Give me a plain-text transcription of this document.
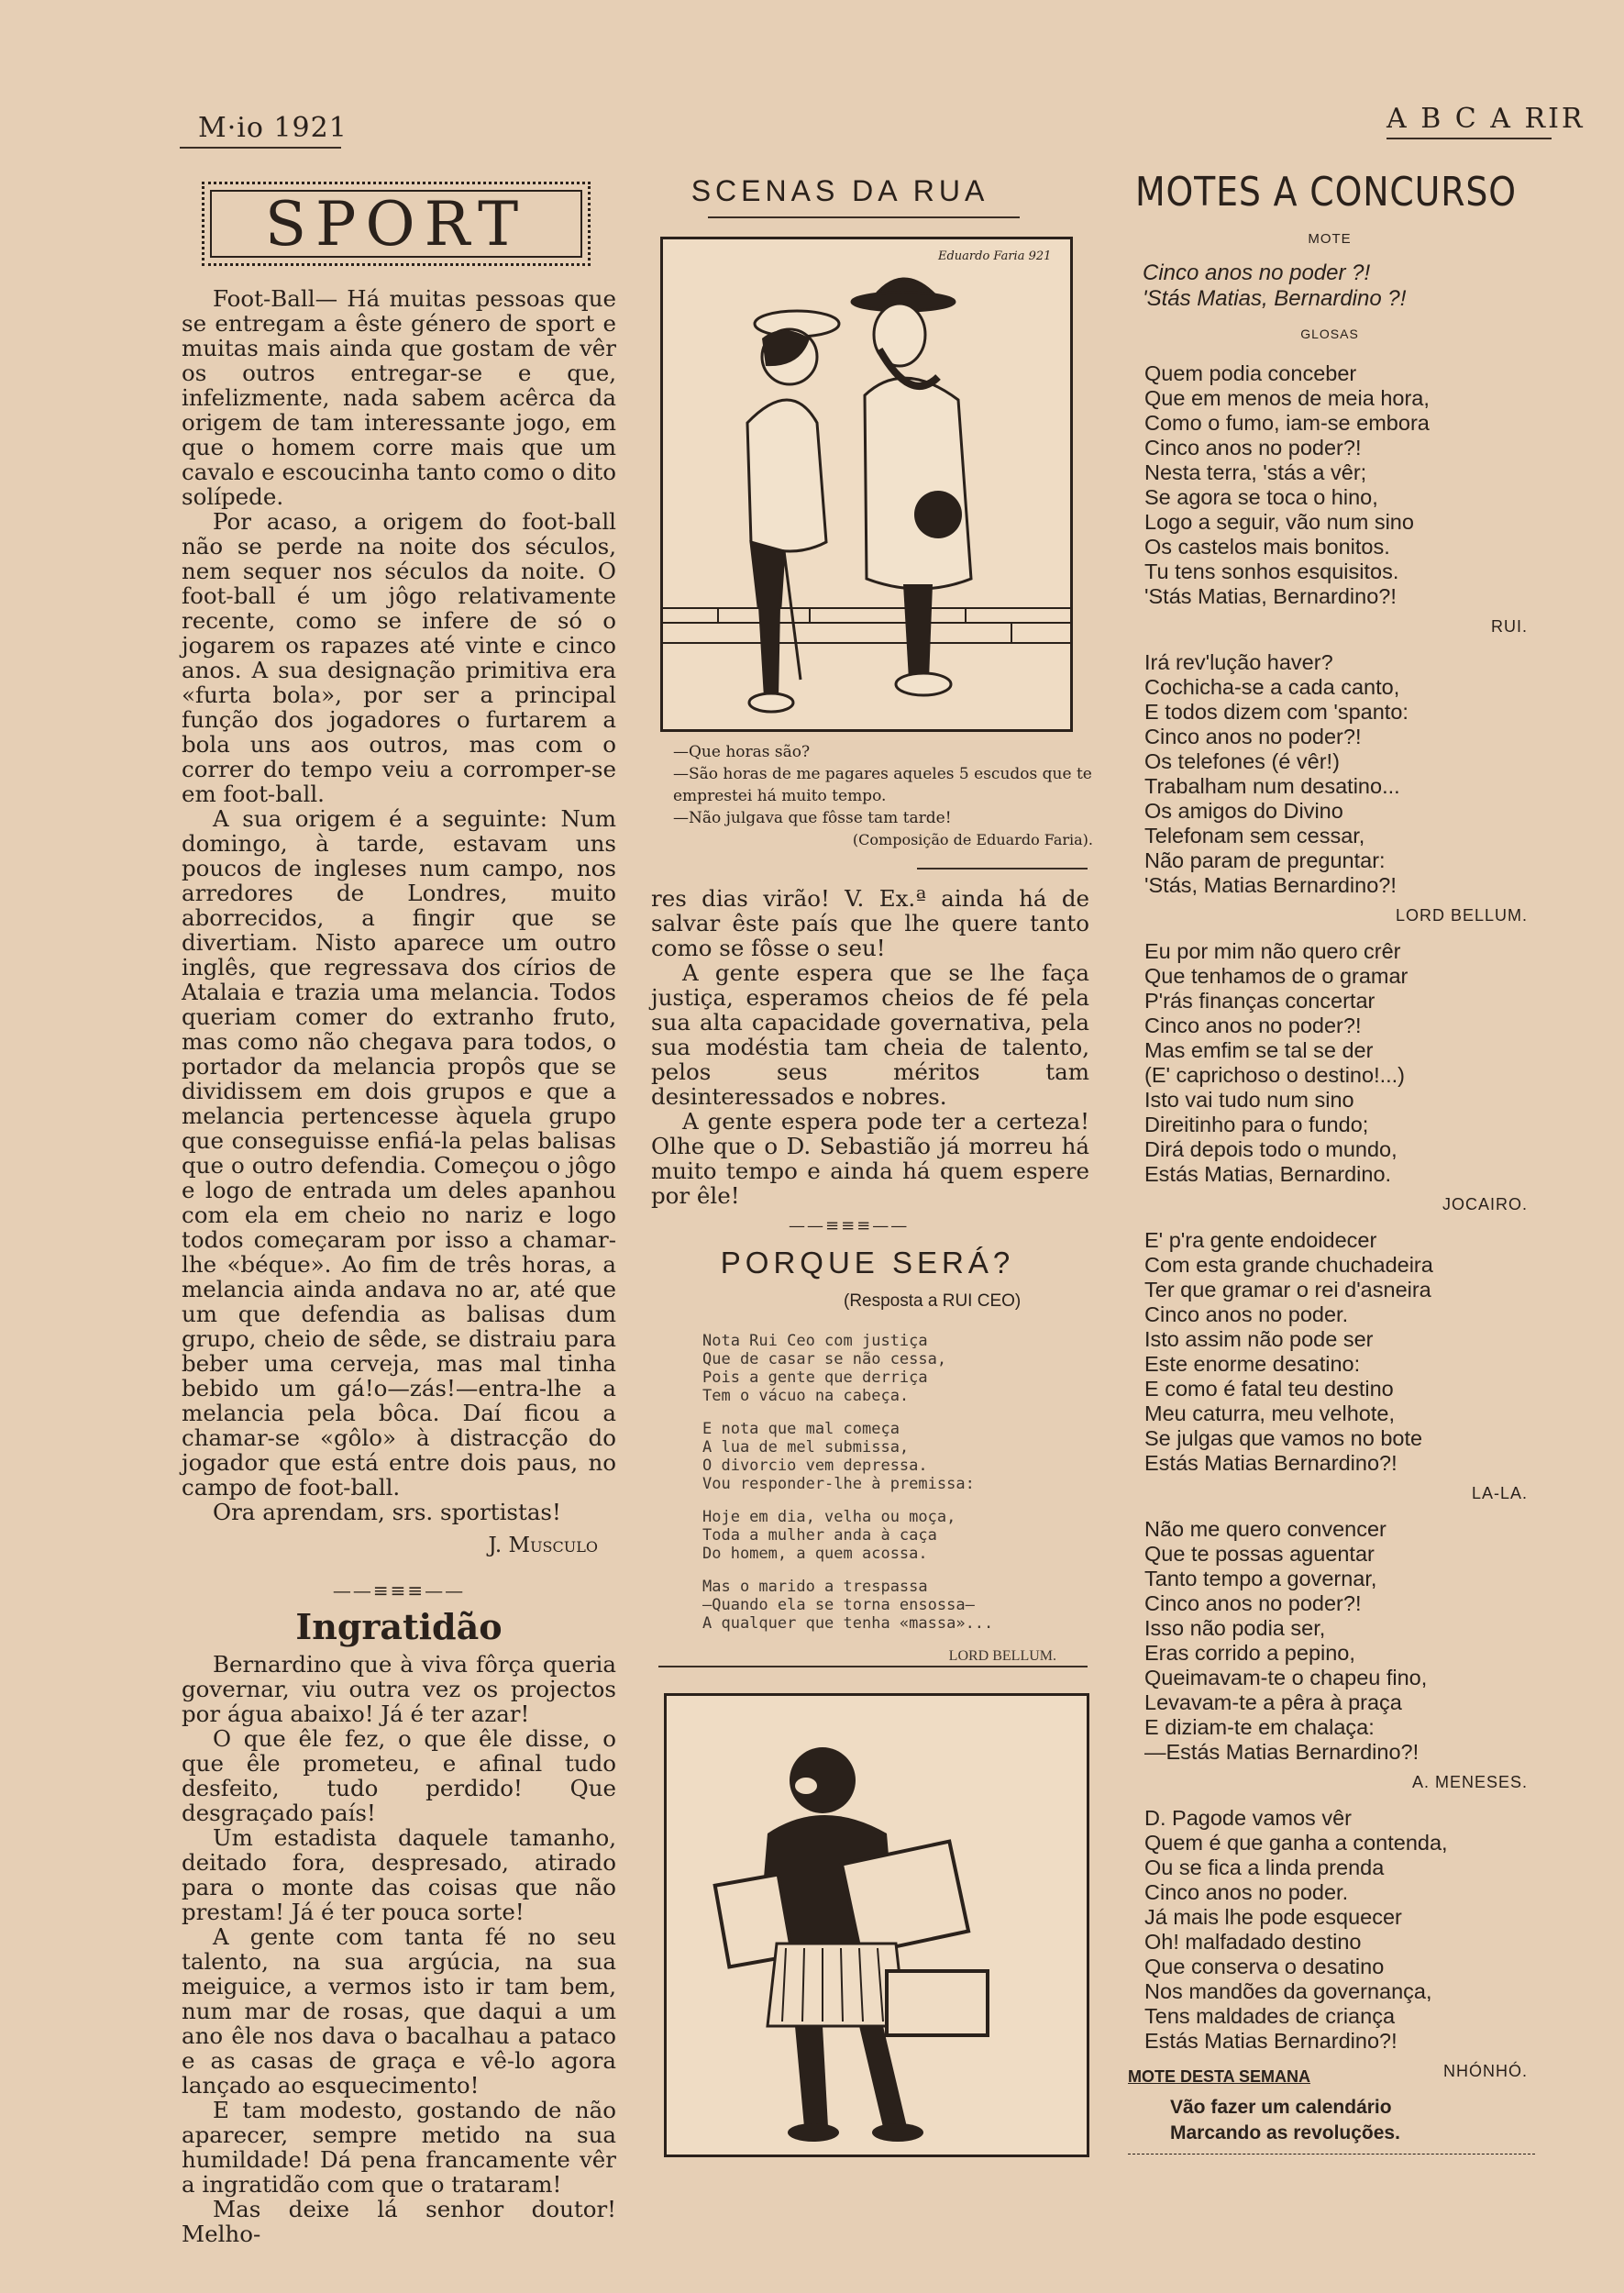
M·io 1921	A B C A RIR
SPORT

Foot-Ball— Há muitas pessoas que se entregam a êste género de sport e muitas mais ainda que gostam de vêr os outros entregar-se e que, infelizmente, nada sabem acêrca da origem de tam interessante jogo, em que o homem corre mais que um cavalo e escoucinha tanto como o dito solípede.

Por acaso, a origem do foot-ball não se perde na noite dos séculos, nem sequer nos séculos da noite. O foot-ball é um jôgo relativamente recente, como se infere de só o jogarem os rapazes até vinte e cinco anos. A sua designação primitiva era «furta bola», por ser a principal função dos jogadores o furtarem a bola uns aos outros, mas com o correr do tempo veiu a corromper-se em foot-ball.

A sua origem é a seguinte: Num domingo, à tarde, estavam uns poucos de ingleses num campo, nos arredores de Londres, muito aborrecidos, a fingir que se divertiam. Nisto aparece um outro inglês, que regressava dos círios de Atalaia e trazia uma melancia. Todos queriam comer do extranho fruto, mas como não chegava para todos, o portador da melancia propôs que se dividissem em dois grupos e que a melancia pertencesse àquela grupo que conseguisse enfiá-la pelas balisas que o outro defendia. Começou o jôgo e logo de entrada um deles apanhou com ela em cheio no nariz e logo todos começaram por isso a chamar-lhe «béque». Ao fim de três horas, a melancia ainda andava no ar, até que um que defendia as balisas dum grupo, cheio de sêde, se distraiu para beber uma cerveja, mas mal tinha bebido um gá!o—zás!—entra-lhe a melancia pela bôca. Daí ficou a chamar-se «gôlo» à distracção do jogador que está entre dois paus, no campo de foot-ball.

Ora aprendam, srs. sportistas!

J. Musculo
——≡≡≡——
Ingratidão

Bernardino que à viva fôrça queria governar, viu outra vez os projectos por água abaixo! Já é ter azar!

O que êle fez, o que êle disse, o que êle prometeu, e afinal tudo desfeito, tudo perdido! Que desgraçado país!

Um estadista daquele tamanho, deitado fora, despresado, atirado para o monte das coisas que não prestam! Já é ter pouca sorte!

A gente com tanta fé no seu talento, na sua argúcia, na sua meiguice, a vermos isto ir tam bem, num mar de rosas, que daqui a um ano êle nos dava o bacalhau a pataco e as casas de graça e vê-lo agora lançado ao esquecimento!

E tam modesto, gostando de não aparecer, sempre metido na sua humildade! Dá pena francamente vêr a ingratidão com que o trataram!

Mas deixe lá senhor doutor! Melho-

SCENAS DA RUA
Eduardo Faria 921

—Que horas são?

—São horas de me pagares aqueles 5 escudos que te emprestei há muito tempo.

—Não julgava que fôsse tam tarde!

(Composição de Eduardo Faria).

res dias virão! V. Ex.ª ainda há de salvar êste país que lhe quere tanto como se fôsse o seu!

A gente espera que se lhe faça justiça, esperamos cheios de fé pela sua alta capacidade governativa, pela sua modéstia tam cheia de talento, pelos seus méritos tam desinteressados e nobres.

A gente espera pode ter a certeza! Olhe que o D. Sebastião já morreu há muito tempo e ainda há quem espere por êle!

——≡≡≡——
PORQUE SERÁ?
(Resposta a RUI CEO)
Nota Rui Ceo com justiça
Que de casar se não cessa,
Pois a gente que derriça
Tem o vácuo na cabeça.
E nota que mal começa
A lua de mel submissa,
O divorcio vem depressa.
Vou responder-lhe à premissa:
Hoje em dia, velha ou moça,
Toda a mulher anda à caça
Do homem, a quem acossa.
Mas o marido a trespassa
—Quando ela se torna ensossa—
A qualquer que tenha «massa»...
LORD BELLUM.
MOTES A CONCURSO
MOTE
Cinco anos no poder ?!
'Stás Matias, Bernardino ?!
GLOSAS
Quem podia conceber
Que em menos de meia hora,
Como o fumo, iam-se embora
Cinco anos no poder?!
Nesta terra, 'stás a vêr;
Se agora se toca o hino,
Logo a seguir, vão num sino
Os castelos mais bonitos.
Tu tens sonhos esquisitos.
'Stás Matias, Bernardino?!
RUI.
Irá rev'lução haver?
Cochicha-se a cada canto,
E todos dizem com 'spanto:
Cinco anos no poder?!
Os telefones (é vêr!)
Trabalham num desatino...
Os amigos do Divino
Telefonam sem cessar,
Não param de preguntar:
'Stás, Matias Bernardino?!
LORD BELLUM.
Eu por mim não quero crêr
Que tenhamos de o gramar
P'rás finanças concertar
Cinco anos no poder?!
Mas emfim se tal se der
(E' caprichoso o destino!...)
Isto vai tudo num sino
Direitinho para o fundo;
Dirá depois todo o mundo,
Estás Matias, Bernardino.
JOCAIRO.
E' p'ra gente endoidecer
Com esta grande chuchadeira
Ter que gramar o rei d'asneira
Cinco anos no poder.
Isto assim não pode ser
Este enorme desatino:
E como é fatal teu destino
Meu caturra, meu velhote,
Se julgas que vamos no bote
Estás Matias Bernardino?!
LA-LA.
Não me quero convencer
Que te possas aguentar
Tanto tempo a governar,
Cinco anos no poder?!
Isso não podia ser,
Eras corrido a pepino,
Queimavam-te o chapeu fino,
Levavam-te a pêra à praça
E diziam-te em chalaça:
—Estás Matias Bernardino?!
A. MENESES.
D. Pagode vamos vêr
Quem é que ganha a contenda,
Ou se fica a linda prenda
Cinco anos no poder.
Já mais lhe pode esquecer
Oh! malfadado destino
Que conserva o desatino
Nos mandões da governança,
Tens maldades de criança
Estás Matias Bernardino?!
NHÓNHÓ.
MOTE DESTA SEMANA
Vão fazer um calendário
Marcando as revoluções.
